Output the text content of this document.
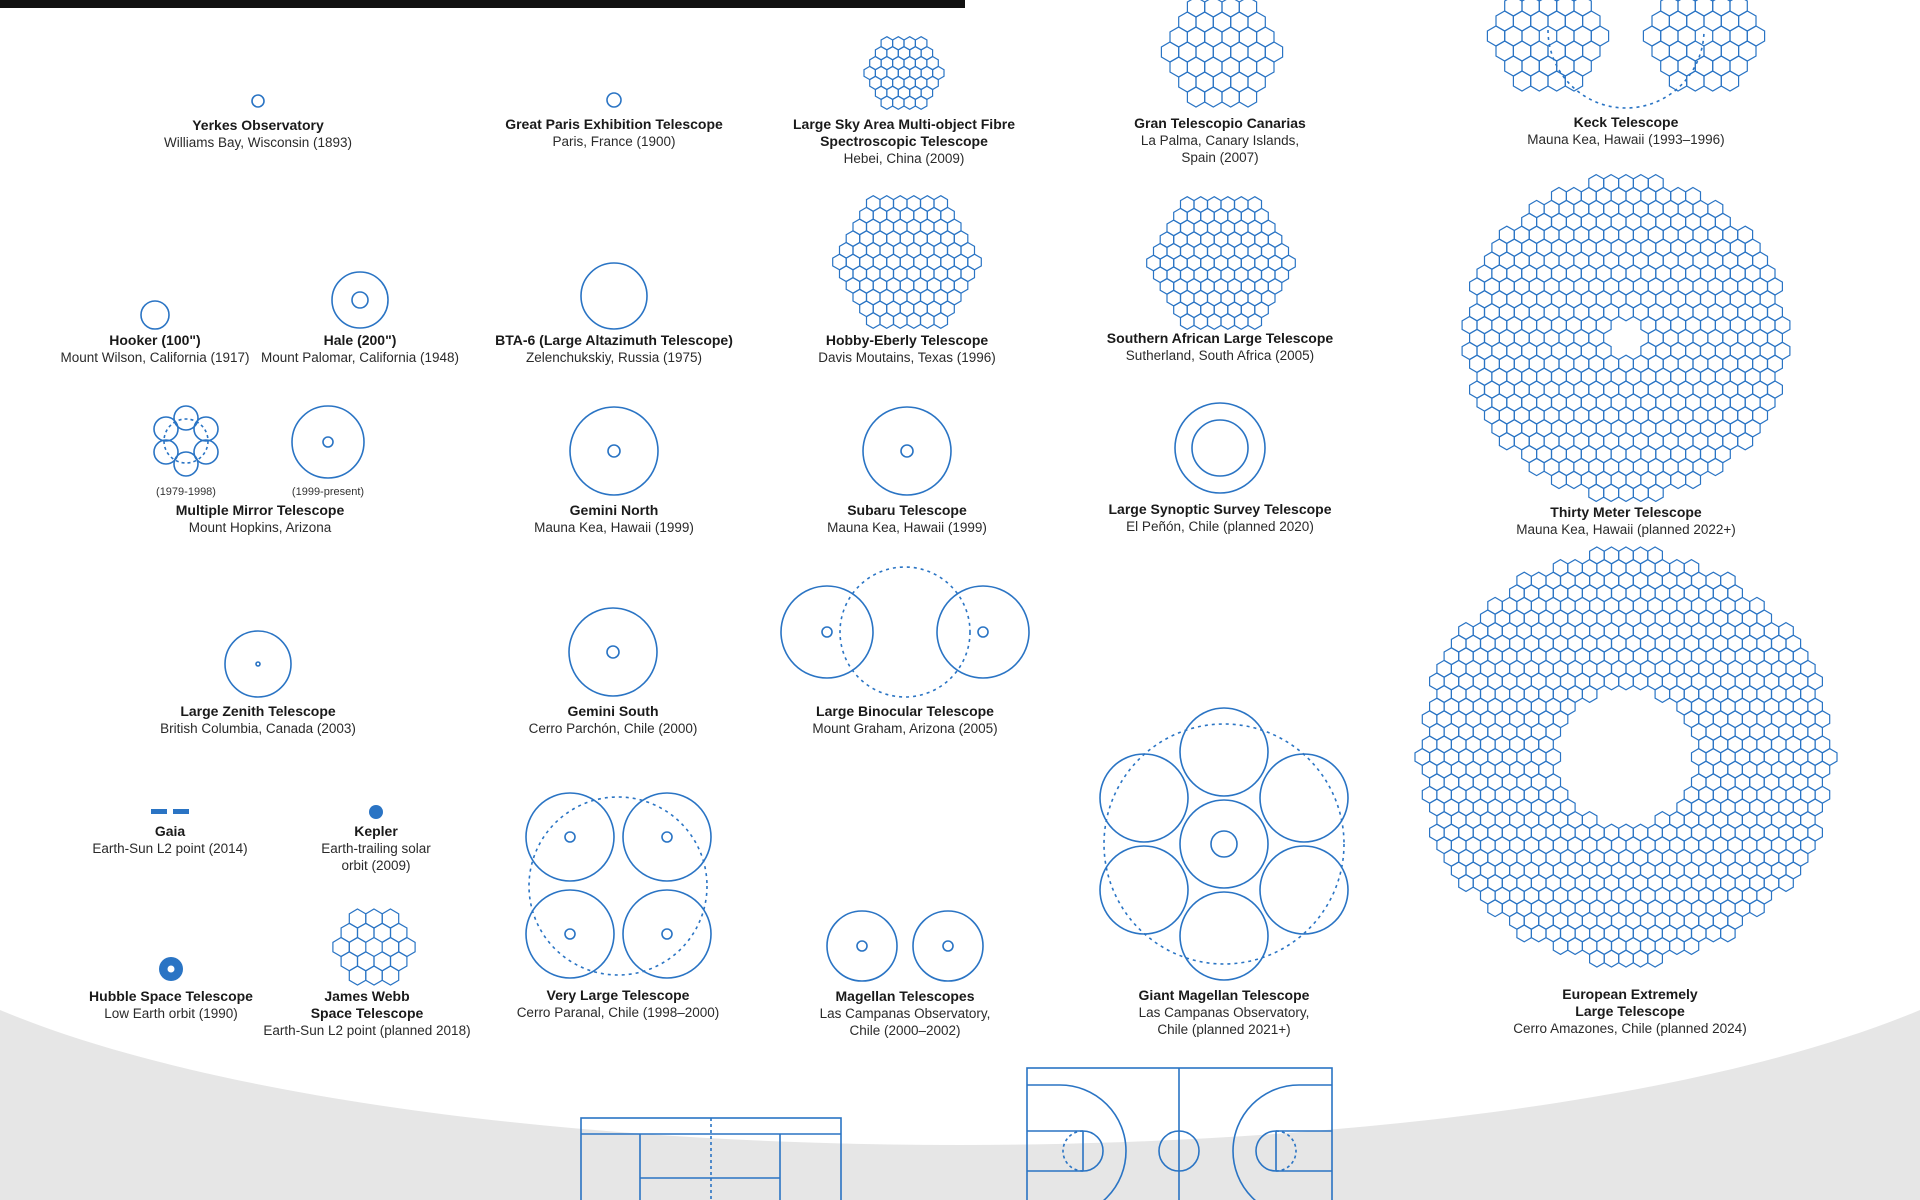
Yerkes Observatory
Williams Bay, Wisconsin (1893)
Great Paris Exhibition Telescope
Paris, France (1900)
Large Sky Area Multi-object Fibre
Spectroscopic Telescope
Hebei, China (2009)
Gran Telescopio Canarias
La Palma, Canary Islands,
Spain (2007)
Keck Telescope
Mauna Kea, Hawaii (1993–1996)
Hooker (100")
Mount Wilson, California (1917)
Hale (200")
Mount Palomar, California (1948)
BTA-6 (Large Altazimuth Telescope)
Zelenchukskiy, Russia (1975)
Hobby-Eberly Telescope
Davis Moutains, Texas (1996)
Southern African Large Telescope
Sutherland, South Africa (2005)
(1979-1998)	(1999-present)
Multiple Mirror Telescope
Mount Hopkins, Arizona
Gemini North
Mauna Kea, Hawaii (1999)
Subaru Telescope
Mauna Kea, Hawaii (1999)
Large Synoptic Survey Telescope
El Peñón, Chile (planned 2020)
Thirty Meter Telescope
Mauna Kea, Hawaii (planned 2022+)
Large Zenith Telescope
British Columbia, Canada (2003)
Gemini South
Cerro Parchón, Chile (2000)
Large Binocular Telescope
Mount Graham, Arizona (2005)
Gaia
Earth-Sun L2 point (2014)
Kepler
Earth-trailing solar
orbit (2009)
Very Large Telescope
Cerro Paranal, Chile (1998–2000)
Giant Magellan Telescope
Las Campanas Observatory,
Chile (planned 2021+)
Hubble Space Telescope
Low Earth orbit (1990)
James Webb
Space Telescope
Earth-Sun L2 point (planned 2018)
Magellan Telescopes
Las Campanas Observatory,
Chile (2000–2002)
European Extremely
Large Telescope
Cerro Amazones, Chile (planned 2024)
